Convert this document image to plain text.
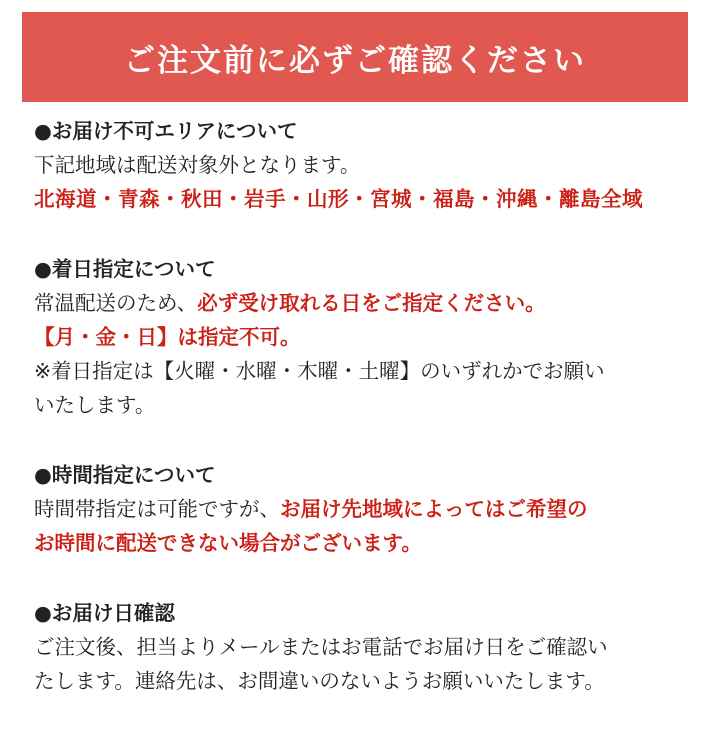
ご注文前に必ずご確認ください
●お届け不可エリアについて
下記地域は配送対象外となります。
北海道・青森・秋田・岩手・山形・宮城・福島・沖縄・離島全域
●着日指定について
常温配送のため、必ず受け取れる日をご指定ください。
【月・金・日】は指定不可。
※着日指定は【火曜・水曜・木曜・土曜】のいずれかでお願い
いたします。
●時間指定について
時間帯指定は可能ですが、お届け先地域によってはご希望の
お時間に配送できない場合がございます。
●お届け日確認
ご注文後、担当よりメールまたはお電話でお届け日をご確認い
たします。連絡先は、お間違いのないようお願いいたします。
